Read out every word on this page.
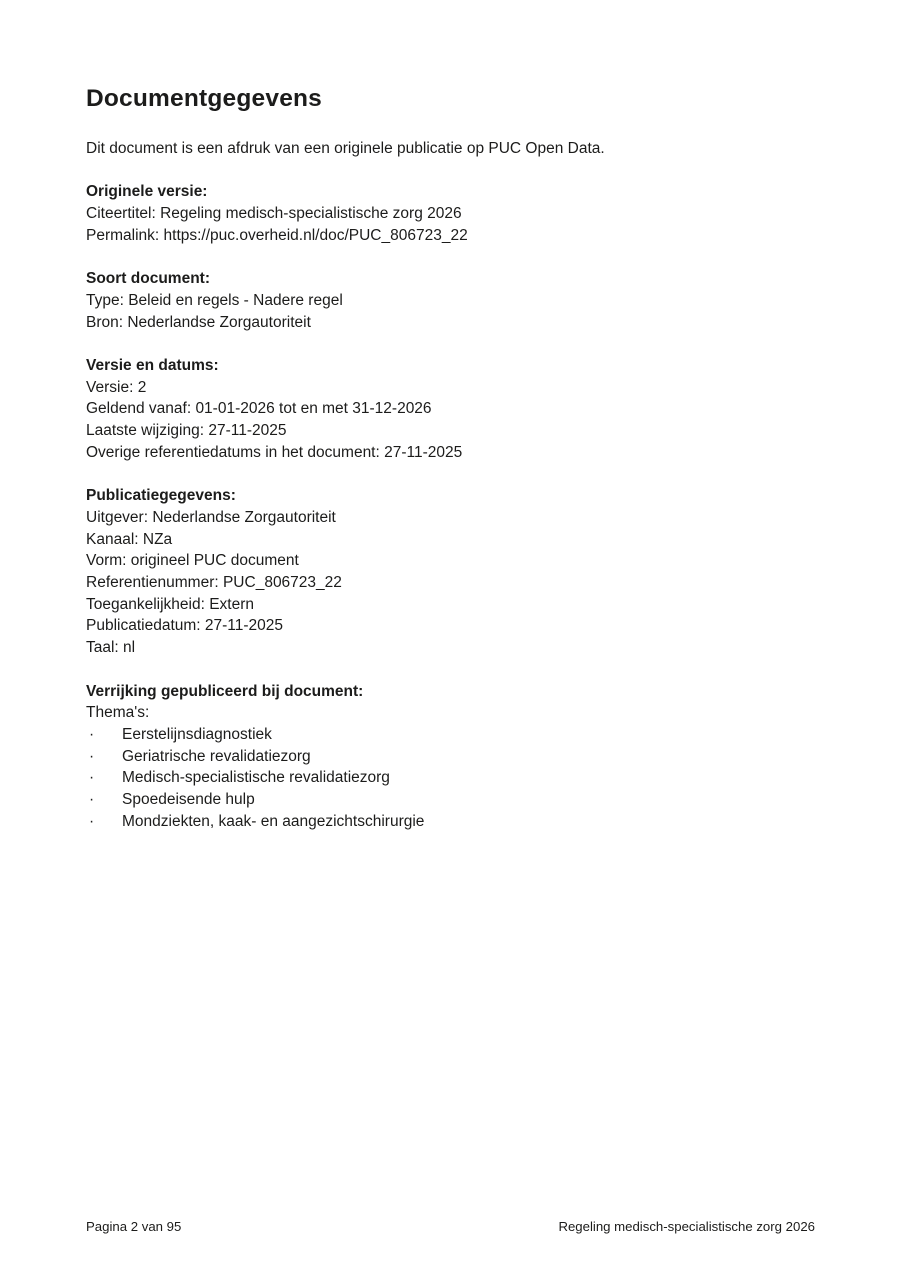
Documentgegevens

Dit document is een afdruk van een originele publicatie op PUC Open Data.

Originele versie:

Citeertitel: Regeling medisch-specialistische zorg 2026

Permalink: https://puc.overheid.nl/doc/PUC_806723_22

Soort document:

Type: Beleid en regels - Nadere regel

Bron: Nederlandse Zorgautoriteit

Versie en datums:

Versie: 2

Geldend vanaf: 01-01-2026 tot en met 31-12-2026

Laatste wijziging: 27-11-2025

Overige referentiedatums in het document: 27-11-2025

Publicatiegegevens:

Uitgever: Nederlandse Zorgautoriteit

Kanaal: NZa

Vorm: origineel PUC document

Referentienummer: PUC_806723_22

Toegankelijkheid: Extern

Publicatiedatum: 27-11-2025

Taal: nl

Verrijking gepubliceerd bij document:

Thema's:

· Eerstelijnsdiagnostiek
· Geriatrische revalidatiezorg
· Medisch-specialistische revalidatiezorg
· Spoedeisende hulp
· Mondziekten, kaak- en aangezichtschirurgie
Pagina 2 van 95	Regeling medisch-specialistische zorg 2026
